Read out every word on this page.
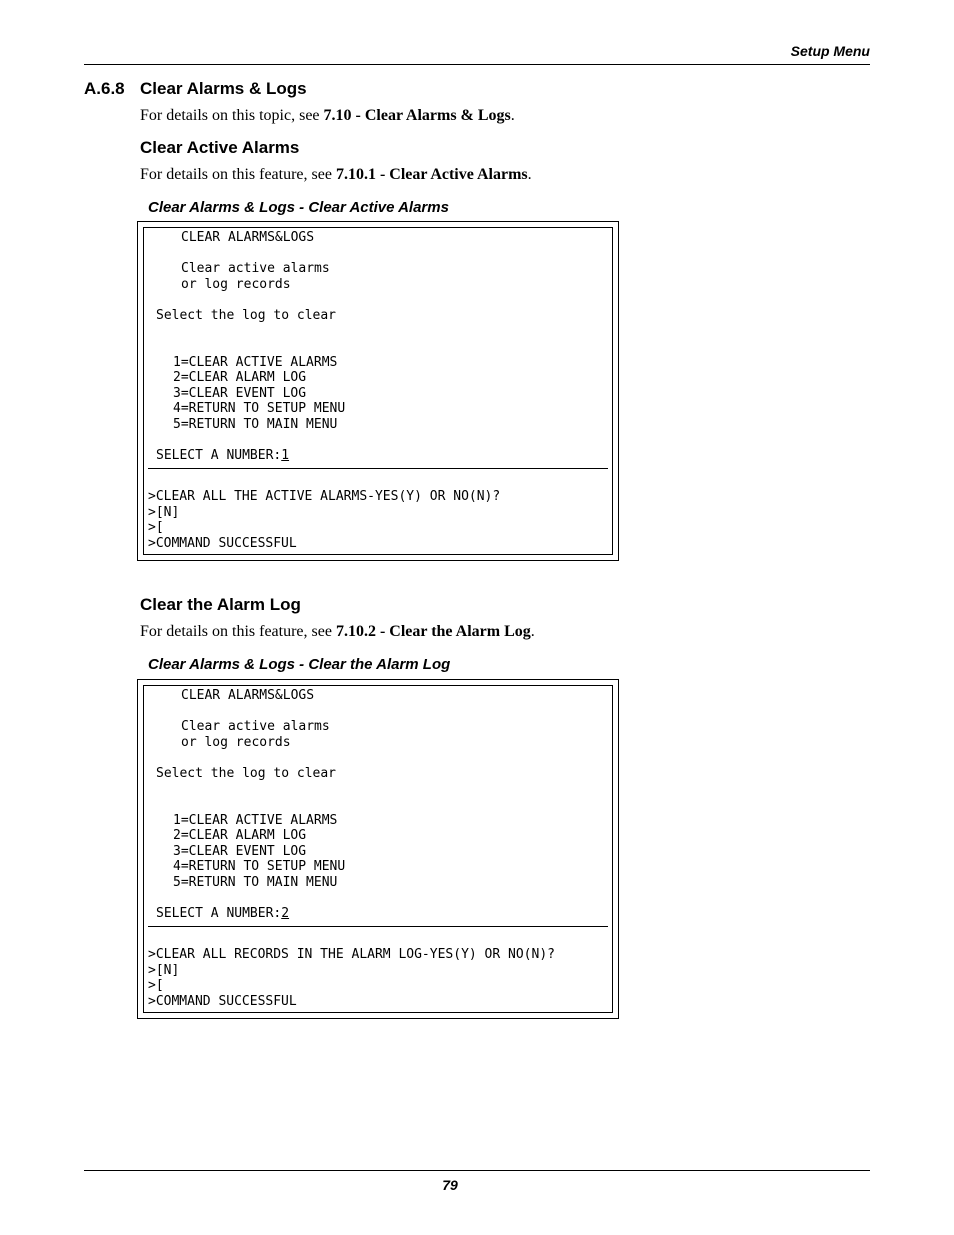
Setup Menu
A.6.8 Clear Alarms & Logs
For details on this topic, see 7.10 - Clear Alarms & Logs.
Clear Active Alarms
For details on this feature, see 7.10.1 - Clear Active Alarms.
Clear Alarms & Logs - Clear Active Alarms
CLEAR ALARMS&LOGS
Clear active alarms
or log records
Select the log to clear
1=CLEAR ACTIVE ALARMS
2=CLEAR ALARM LOG
3=CLEAR EVENT LOG
4=RETURN TO SETUP MENU
5=RETURN TO MAIN MENU
SELECT A NUMBER:1
>CLEAR ALL THE ACTIVE ALARMS-YES(Y) OR NO(N)?
>[N]
>[
>COMMAND SUCCESSFUL
Clear the Alarm Log
For details on this feature, see 7.10.2 - Clear the Alarm Log.
Clear Alarms & Logs - Clear the Alarm Log
CLEAR ALARMS&LOGS
Clear active alarms
or log records
Select the log to clear
1=CLEAR ACTIVE ALARMS
2=CLEAR ALARM LOG
3=CLEAR EVENT LOG
4=RETURN TO SETUP MENU
5=RETURN TO MAIN MENU
SELECT A NUMBER:2
>CLEAR ALL RECORDS IN THE ALARM LOG-YES(Y) OR NO(N)?
>[N]
>[
>COMMAND SUCCESSFUL
79
